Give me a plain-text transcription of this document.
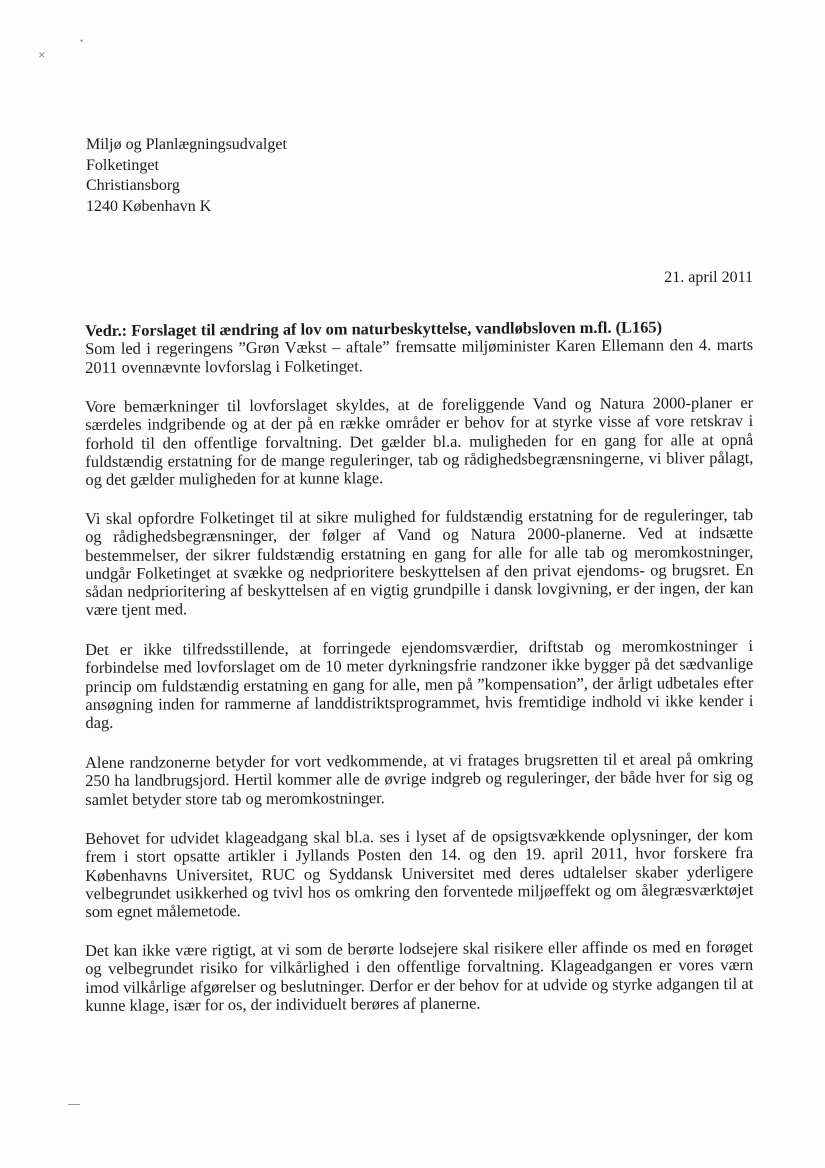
✕
•
Miljø og Planlægningsudvalget
Folketinget
Christiansborg
1240 København K
21. april 2011

Vedr.: Forslaget til ændring af lov om naturbeskyttelse, vandløbsloven m.fl. (L165)
Som led i regeringens ”Grøn Vækst – aftale” fremsatte miljøminister Karen Ellemann den 4. marts 2011 ovennævnte lovforslag i Folketinget.

Vore bemærkninger til lovforslaget skyldes, at de foreliggende Vand og Natura 2000-planer er særdeles indgribende og at der på en række områder er behov for at styrke visse af vore retskrav i forhold til den offentlige forvaltning. Det gælder bl.a. muligheden for en gang for alle at opnå fuldstændig erstatning for de mange reguleringer, tab og rådighedsbegrænsningerne, vi bliver pålagt, og det gælder muligheden for at kunne klage.

Vi skal opfordre Folketinget til at sikre mulighed for fuldstændig erstatning for de reguleringer, tab og rådighedsbegrænsninger, der følger af Vand og Natura 2000-planerne. Ved at indsætte bestemmelser, der sikrer fuldstændig erstatning en gang for alle for alle tab og meromkostninger, undgår Folketinget at svække og nedprioritere beskyttelsen af den privat ejendoms- og brugsret. En sådan nedprioritering af beskyttelsen af en vigtig grundpille i dansk lovgivning, er der ingen, der kan være tjent med.

Det er ikke tilfredsstillende, at forringede ejendomsværdier, driftstab og meromkostninger i forbindelse med lovforslaget om de 10 meter dyrkningsfrie randzoner ikke bygger på det sædvanlige princip om fuldstændig erstatning en gang for alle, men på ”kompensation”, der årligt udbetales efter ansøgning inden for rammerne af landdistriktsprogrammet, hvis fremtidige indhold vi ikke kender i dag.

Alene randzonerne betyder for vort vedkommende, at vi fratages brugsretten til et areal på omkring 250 ha landbrugsjord. Hertil kommer alle de øvrige indgreb og reguleringer, der både hver for sig og samlet betyder store tab og meromkostninger.

Behovet for udvidet klageadgang skal bl.a. ses i lyset af de opsigtsvækkende oplysninger, der kom frem i stort opsatte artikler i Jyllands Posten den 14. og den 19. april 2011, hvor forskere fra Københavns Universitet, RUC og Syddansk Universitet med deres udtalelser skaber yderligere velbegrundet usikkerhed og tvivl hos os omkring den forventede miljøeffekt og om ålegræsværktøjet som egnet målemetode.

Det kan ikke være rigtigt, at vi som de berørte lodsejere skal risikere eller affinde os med en forøget og velbegrundet risiko for vilkårlighed i den offentlige forvaltning. Klageadgangen er vores værn imod vilkårlige afgørelser og beslutninger. Derfor er der behov for at udvide og styrke adgangen til at kunne klage, især for os, der individuelt berøres af planerne.
